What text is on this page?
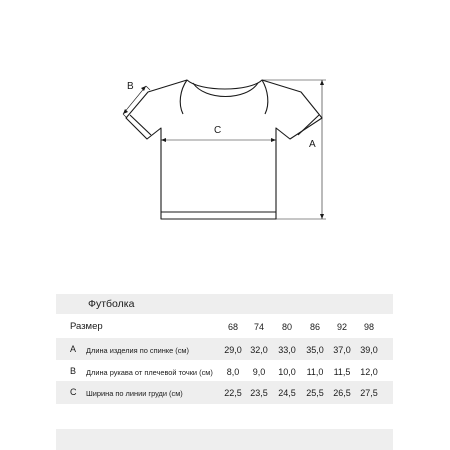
A
B
C
Футболка
Размер	68	74	80	86	92	98
A Длина изделия по спинке (см)	29,0 32,0	33,0	35,0	37,0	39,0
B Длина рукава от плечевой точки (см)	8,0	9,0	10,0	11,0	11,5	12,0
C Ширина по линии груди (см)	22,5 23,5	24,5	25,5	26,5	27,5
